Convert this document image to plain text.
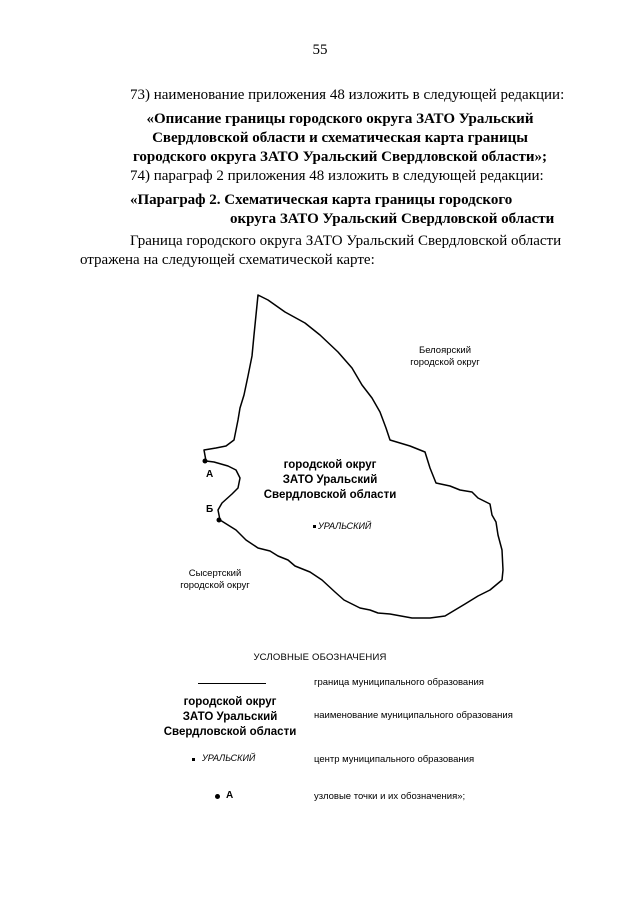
55
73) наименование приложения 48 изложить в следующей редакции:
«Описание границы городского округа ЗАТО Уральский
Свердловской области и схематическая карта границы
городского округа ЗАТО Уральский Свердловской области»;
74) параграф 2 приложения 48 изложить в следующей редакции:
«Параграф 2. Схематическая карта границы городского
округа ЗАТО Уральский Свердловской области
Граница городского округа ЗАТО Уральский Свердловской области
отражена на следующей схематической карте:
Белоярский
городской округ
городской округ
ЗАТО Уральский
Свердловской области
УРАЛЬСКИЙ
А
Б
Сысертский
городской округ
УСЛОВНЫЕ ОБОЗНАЧЕНИЯ
граница муниципального образования
городской округ
ЗАТО Уральский
Свердловской области
наименование муниципального образования
УРАЛЬСКИЙ	центр муниципального образования
А	узловые точки и их обозначения»;
